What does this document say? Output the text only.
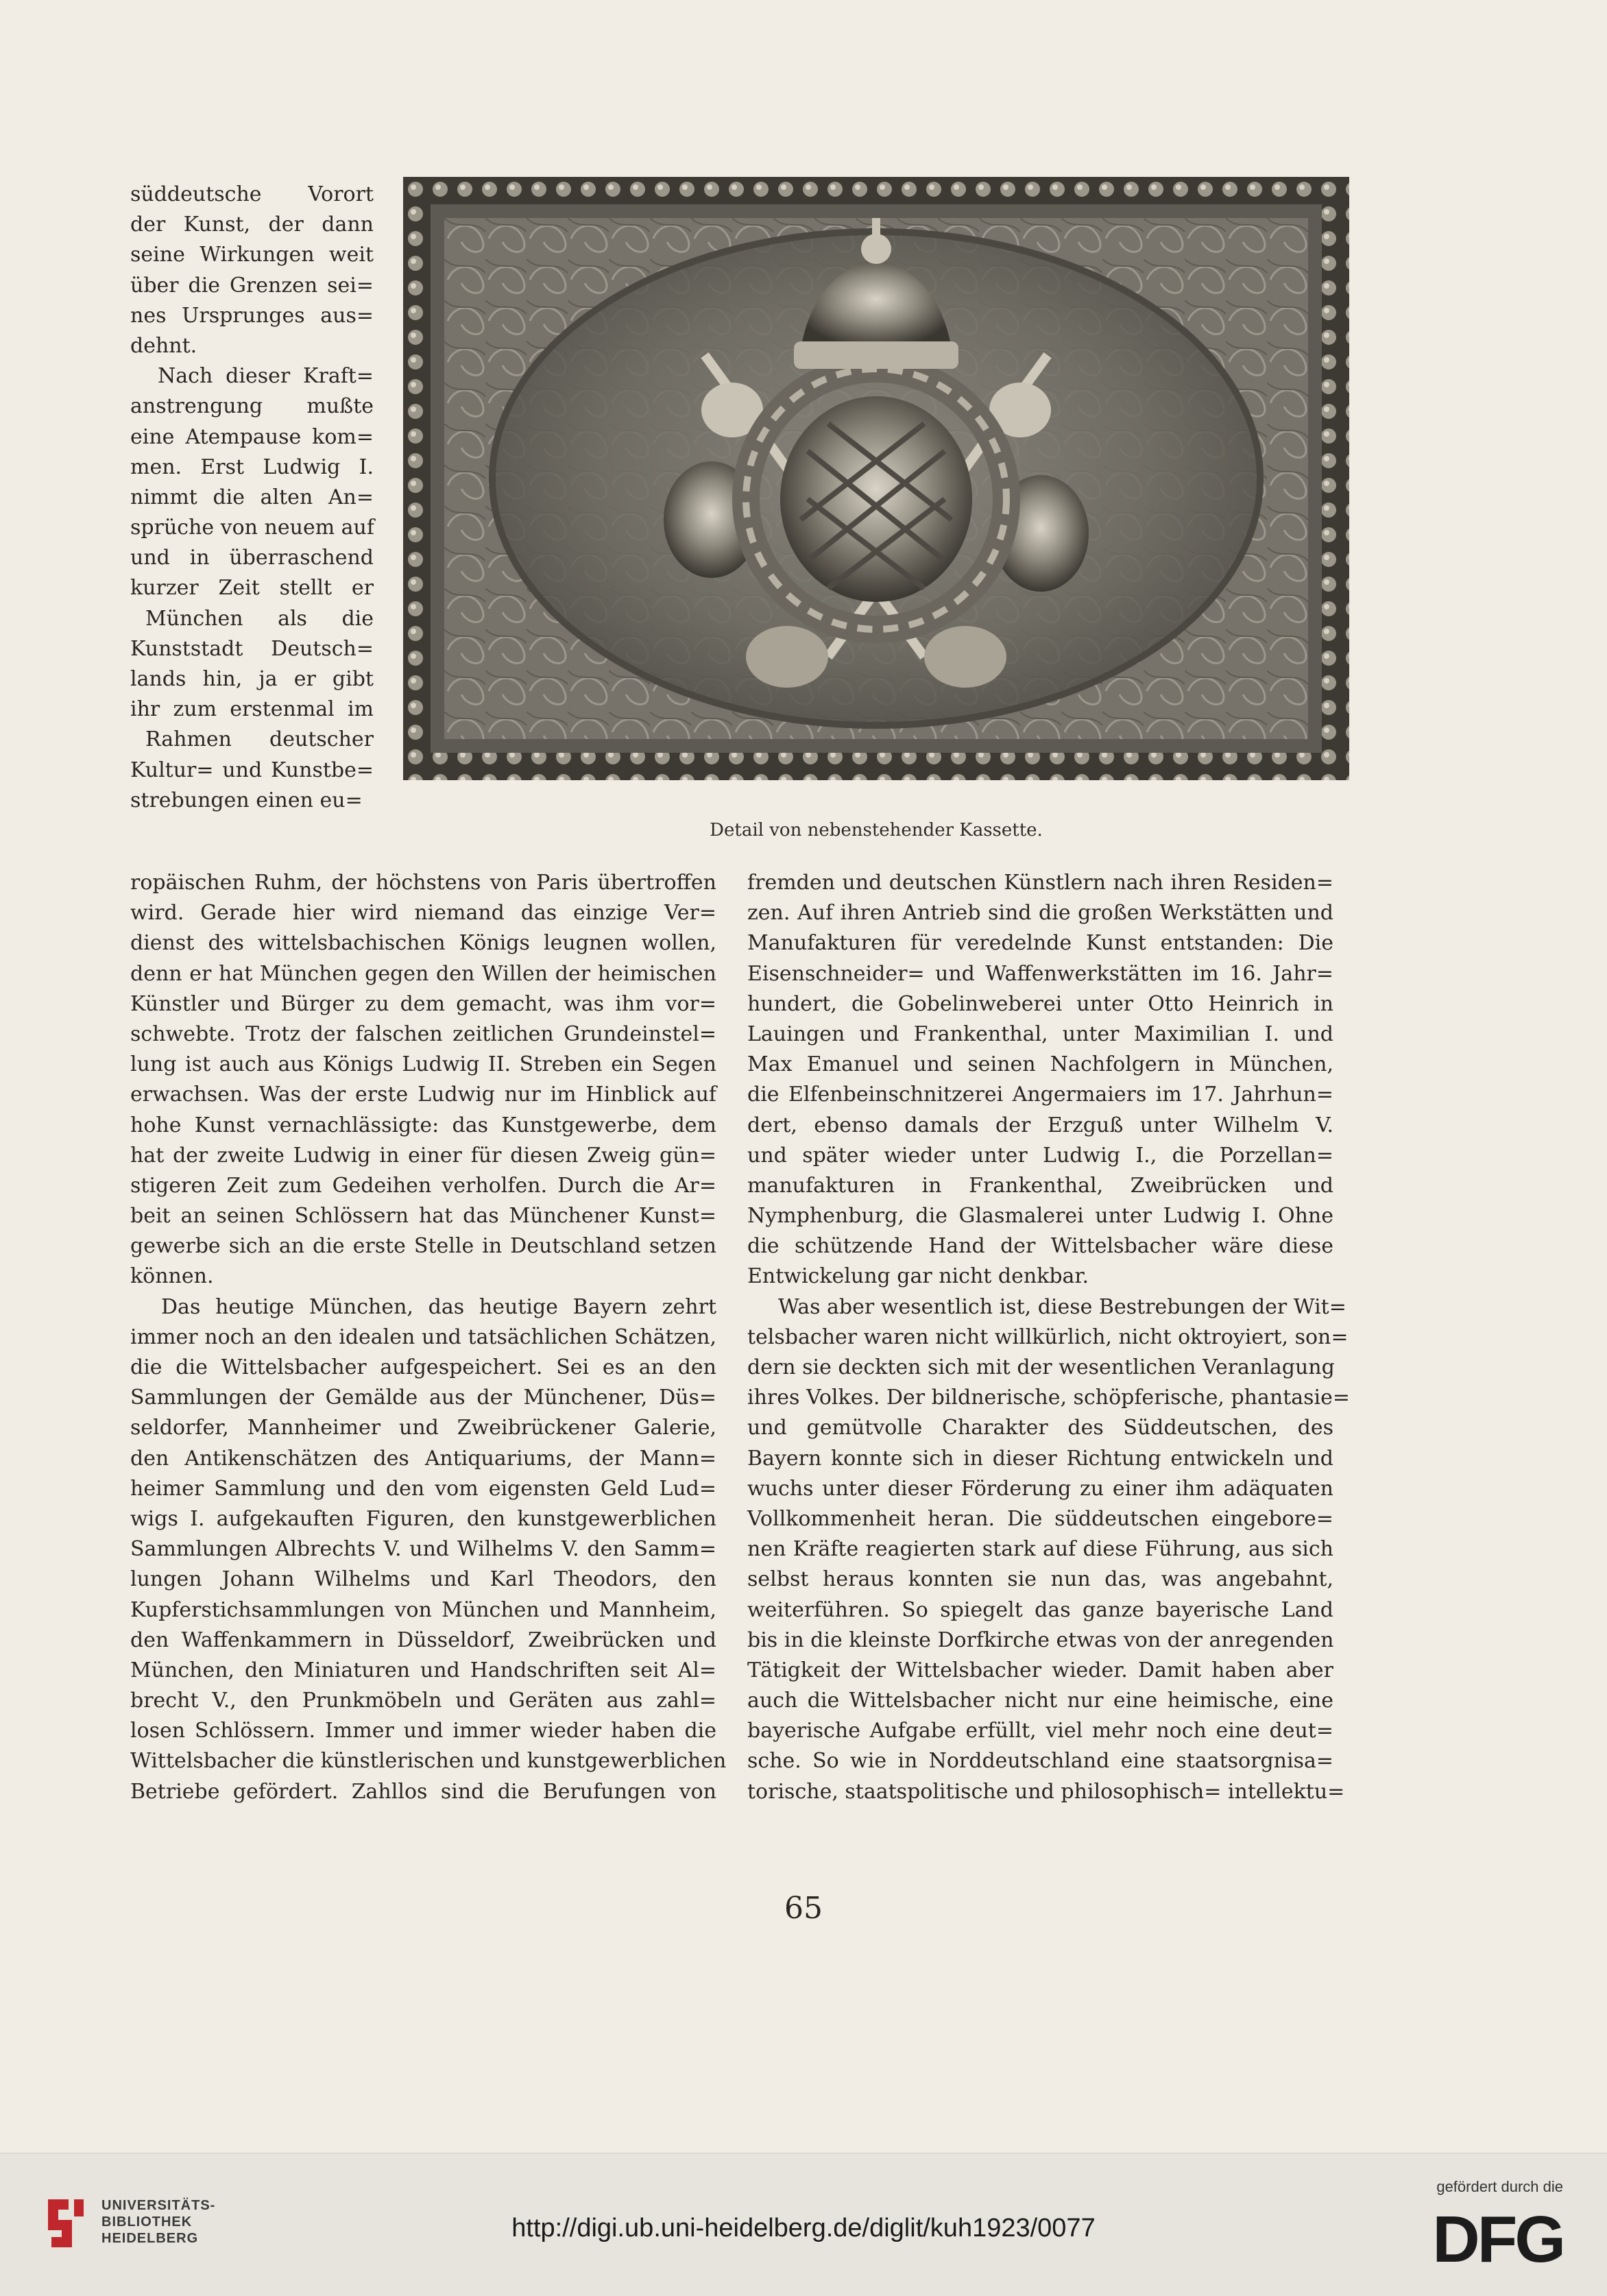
süddeutsche Vorort
der Kunst, der dann
seine Wirkungen weit
über die Grenzen sei=
nes Ursprunges aus=
dehnt.
Nach dieser Kraft=
anstrengung mußte
eine Atempause kom=
men. Erst Ludwig I.
nimmt die alten An=
sprüche von neuem auf
und in überraschend
kurzer Zeit stellt er
München als die
Kunststadt Deutsch=
lands hin, ja er gibt
ihr zum erstenmal im
Rahmen deutscher
Kultur= und Kunstbe=
strebungen einen eu=
Detail von nebenstehender Kassette.
ropäischen Ruhm, der höchstens von Paris übertroffen
wird. Gerade hier wird niemand das einzige Ver=
dienst des wittelsbachischen Königs leugnen wollen,
denn er hat München gegen den Willen der heimischen
Künstler und Bürger zu dem gemacht, was ihm vor=
schwebte. Trotz der falschen zeitlichen Grundeinstel=
lung ist auch aus Königs Ludwig II. Streben ein Segen
erwachsen. Was der erste Ludwig nur im Hinblick auf
hohe Kunst vernachlässigte: das Kunstgewerbe, dem
hat der zweite Ludwig in einer für diesen Zweig gün=
stigeren Zeit zum Gedeihen verholfen. Durch die Ar=
beit an seinen Schlössern hat das Münchener Kunst=
gewerbe sich an die erste Stelle in Deutschland setzen
können.
Das heutige München, das heutige Bayern zehrt
immer noch an den idealen und tatsächlichen Schätzen,
die die Wittelsbacher aufgespeichert. Sei es an den
Sammlungen der Gemälde aus der Münchener, Düs=
seldorfer, Mannheimer und Zweibrückener Galerie,
den Antikenschätzen des Antiquariums, der Mann=
heimer Sammlung und den vom eigensten Geld Lud=
wigs I. aufgekauften Figuren, den kunstgewerblichen
Sammlungen Albrechts V. und Wilhelms V. den Samm=
lungen Johann Wilhelms und Karl Theodors, den
Kupferstichsammlungen von München und Mannheim,
den Waffenkammern in Düsseldorf, Zweibrücken und
München, den Miniaturen und Handschriften seit Al=
brecht V., den Prunkmöbeln und Geräten aus zahl=
losen Schlössern. Immer und immer wieder haben die
Wittelsbacher die künstlerischen und kunstgewerblichen
Betriebe gefördert. Zahllos sind die Berufungen von
fremden und deutschen Künstlern nach ihren Residen=
zen. Auf ihren Antrieb sind die großen Werkstätten und
Manufakturen für veredelnde Kunst entstanden: Die
Eisenschneider= und Waffenwerkstätten im 16. Jahr=
hundert, die Gobelinweberei unter Otto Heinrich in
Lauingen und Frankenthal, unter Maximilian I. und
Max Emanuel und seinen Nachfolgern in München,
die Elfenbeinschnitzerei Angermaiers im 17. Jahrhun=
dert, ebenso damals der Erzguß unter Wilhelm V.
und später wieder unter Ludwig I., die Porzellan=
manufakturen in Frankenthal, Zweibrücken und
Nymphenburg, die Glasmalerei unter Ludwig I. Ohne
die schützende Hand der Wittelsbacher wäre diese
Entwickelung gar nicht denkbar.
Was aber wesentlich ist, diese Bestrebungen der Wit=
telsbacher waren nicht willkürlich, nicht oktroyiert, son=
dern sie deckten sich mit der wesentlichen Veranlagung
ihres Volkes. Der bildnerische, schöpferische, phantasie=
und gemütvolle Charakter des Süddeutschen, des
Bayern konnte sich in dieser Richtung entwickeln und
wuchs unter dieser Förderung zu einer ihm adäquaten
Vollkommenheit heran. Die süddeutschen eingebore=
nen Kräfte reagierten stark auf diese Führung, aus sich
selbst heraus konnten sie nun das, was angebahnt,
weiterführen. So spiegelt das ganze bayerische Land
bis in die kleinste Dorfkirche etwas von der anregenden
Tätigkeit der Wittelsbacher wieder. Damit haben aber
auch die Wittelsbacher nicht nur eine heimische, eine
bayerische Aufgabe erfüllt, viel mehr noch eine deut=
sche. So wie in Norddeutschland eine staatsorgnisa=
torische, staatspolitische und philosophisch= intellektu=
65
UNIVERSITÄTS-
BIBLIOTHEK
HEIDELBERG	http://digi.ub.uni-heidelberg.de/diglit/kuh1923/0077
gefördert durch die
DFG
